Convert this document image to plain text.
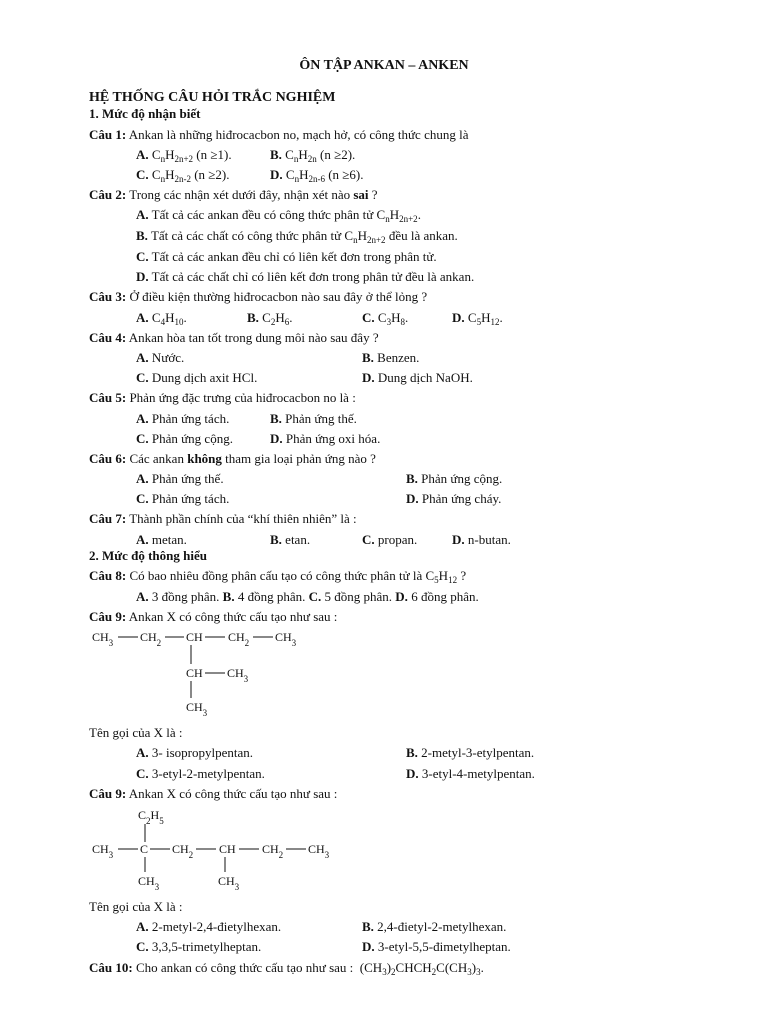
ÔN TẬP ANKAN – ANKEN
HỆ THỐNG CÂU HỎI TRẮC NGHIỆM
1. Mức độ nhận biết
Câu 1: Ankan là những hiđrocacbon no, mạch hở, có công thức chung là
A. $C_nH_{2n+2}$ (n ≥1).	B. $C_nH_{2n}$ (n ≥2).
C. $C_nH_{2n-2}$ (n ≥2).	D. $C_nH_{2n-6}$ (n ≥6).
Câu 2: Trong các nhận xét dưới đây, nhận xét nào sai ?
A. Tất cả các ankan đều có công thức phân tử $C_nH_{2n+2}$.
B. Tất cả các chất có công thức phân tử $C_nH_{2n+2}$ đều là ankan.
C. Tất cả các ankan đều chỉ có liên kết đơn trong phân tử.
D. Tất cả các chất chỉ có liên kết đơn trong phân tử đều là ankan.
Câu 3: Ở điều kiện thường hiđrocacbon nào sau đây ở thể lỏng ?
A. $C_4H_{10}$.	B. $C_2H_6$.	C. $C_3H_8$.	D. $C_5H_{12}$.
Câu 4: Ankan hòa tan tốt trong dung môi nào sau đây ?
A. Nước.	B. Benzen.
C. Dung dịch axit HCl.	D. Dung dịch NaOH.
Câu 5: Phản ứng đặc trưng của hiđrocacbon no là :
A. Phản ứng tách.	B. Phản ứng thế.
C. Phản ứng cộng.	D. Phản ứng oxi hóa.
Câu 6: Các ankan không tham gia loại phản ứng nào ?
A. Phản ứng thế.	B. Phản ứng cộng.
C. Phản ứng tách.	D. Phản ứng cháy.
Câu 7: Thành phần chính của “khí thiên nhiên” là :
A. metan.	B. etan.	C. propan.	D. n-butan.
2. Mức độ thông hiểu
Câu 8: Có bao nhiêu đồng phân cấu tạo có công thức phân tử là $C_5H_{12}$ ?
A. 3 đồng phân. B. 4 đồng phân. C. 5 đồng phân. D. 6 đồng phân.
Câu 9: Ankan X có công thức cấu tạo như sau :
$CH_3$ $CH_2$ CH $CH_2$ $CH_3$
CH $CH_3$
$CH_3$
Tên gọi của X là :
A. 3- isopropylpentan.	B. 2-metyl-3-etylpentan.
C. 3-etyl-2-metylpentan.	D. 3-etyl-4-metylpentan.
Câu 9: Ankan X có công thức cấu tạo như sau :
$C_2H_5$
$CH_3$ C $CH_2$ CH $CH_2$ $CH_3$
$CH_3$	$CH_3$
Tên gọi của X là :
A. 2-metyl-2,4-đietylhexan.	B. 2,4-đietyl-2-metylhexan.
C. 3,3,5-trimetylheptan.	D. 3-etyl-5,5-đimetylheptan.
Câu 10: Cho ankan có công thức cấu tạo như sau : $(CH_3)_2CHCH_2C(CH_3)_3$.
